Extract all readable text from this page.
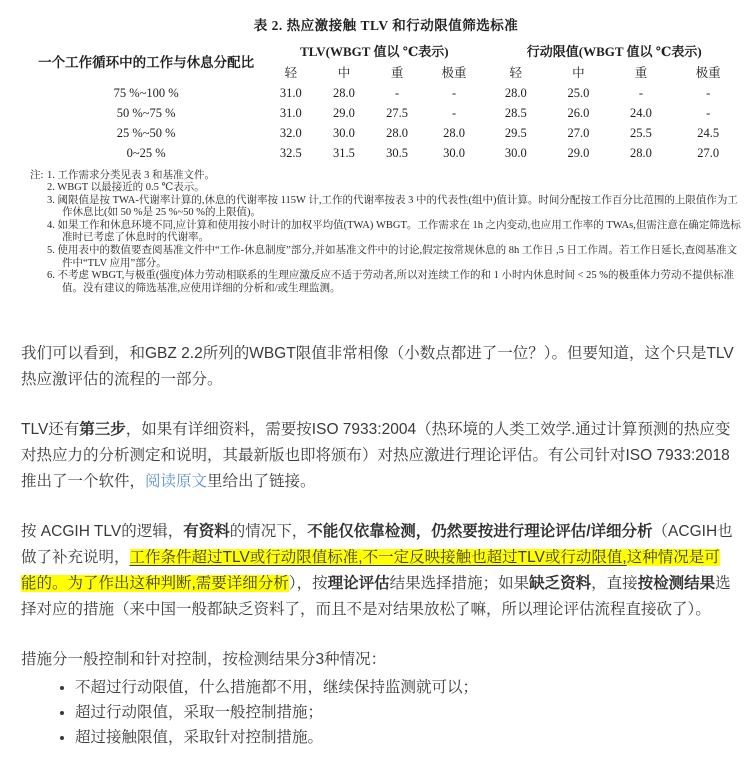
表 2. 热应激接触 TLV 和行动限值筛选标准
一个工作循环中的工作与休息分配比	TLV(WBGT 值以 ℃表示)				行动限值(WBGT 值以 ℃表示)			
	轻	中	重	极重	轻	中	重	极重
75 %~100 %	31.0	28.0	-	-	28.0	25.0	-	-
50 %~75 %	31.0	29.0	27.5	-	28.5	26.0	24.0	-
25 %~50 %	32.0	30.0	28.0	28.0	29.5	27.0	25.5	24.5
0~25 %	32.5	31.5	30.5	30.0	30.0	29.0	28.0	27.0
注: 1. 工作需求分类见表 3 和基准文件。
2. WBGT 以最接近的 0.5 ℃表示。
3. 阈限值是按 TWA-代谢率计算的,休息的代谢率按 115W 计,工作的代谢率按表 3 中的代表性(组中)值计算。时间分配按工作百分比范围的上限值作为工作休息比(如 50 %是 25 %~50 %的上限值)。
4. 如果工作和休息环境不同,应计算和使用按小时计的加权平均值(TWA) WBGT。工作需求在 1h 之内变动,也应用工作率的 TWAs,但需注意在确定筛选标准时已考虑了休息时的代谢率。
5. 使用表中的数值要查阅基准文件中“工作-休息制度”部分,并如基准文件中的讨论,假定按常规休息的 8h 工作日 ,5 日工作周。若工作日延长,查阅基准文件中“TLV 应用”部分。
6. 不考虑 WBGT,与极重(强度)体力劳动相联系的生理应激反应不适于劳动者,所以对连续工作的和 1 小时内休息时间 < 25 %的极重体力劳动不提供标准值。没有建议的筛选基准,应使用详细的分析和/或生理监测。

我们可以看到，和GBZ 2.2所列的WBGT限值非常相像（小数点都进了一位？）。但要知道，这个只是TLV热应激评估的流程的一部分。

TLV还有第三步，如果有详细资料，需要按ISO 7933:2004（热环境的人类工效学.通过计算预测的热应变对热应力的分析测定和说明，其最新版也即将颁布）对热应激进行理论评估。有公司针对ISO 7933:2018推出了一个软件，阅读原文里给出了链接。

按 ACGIH TLV的逻辑，有资料的情况下，不能仅依靠检测，仍然要按进行理论评估/详细分析（ACGIH也做了补充说明，工作条件超过TLV或行动限值标准,不一定反映接触也超过TLV或行动限值,这种情况是可能的。为了作出这种判断,需要详细分析），按理论评估结果选择措施；如果缺乏资料，直接按检测结果选择对应的措施（来中国一般都缺乏资料了，而且不是对结果放松了嘛，所以理论评估流程直接砍了）。

措施分一般控制和针对控制，按检测结果分3种情况：

• 不超过行动限值，什么措施都不用，继续保持监测就可以；
• 超过行动限值，采取一般控制措施；
• 超过接触限值，采取针对控制措施。
